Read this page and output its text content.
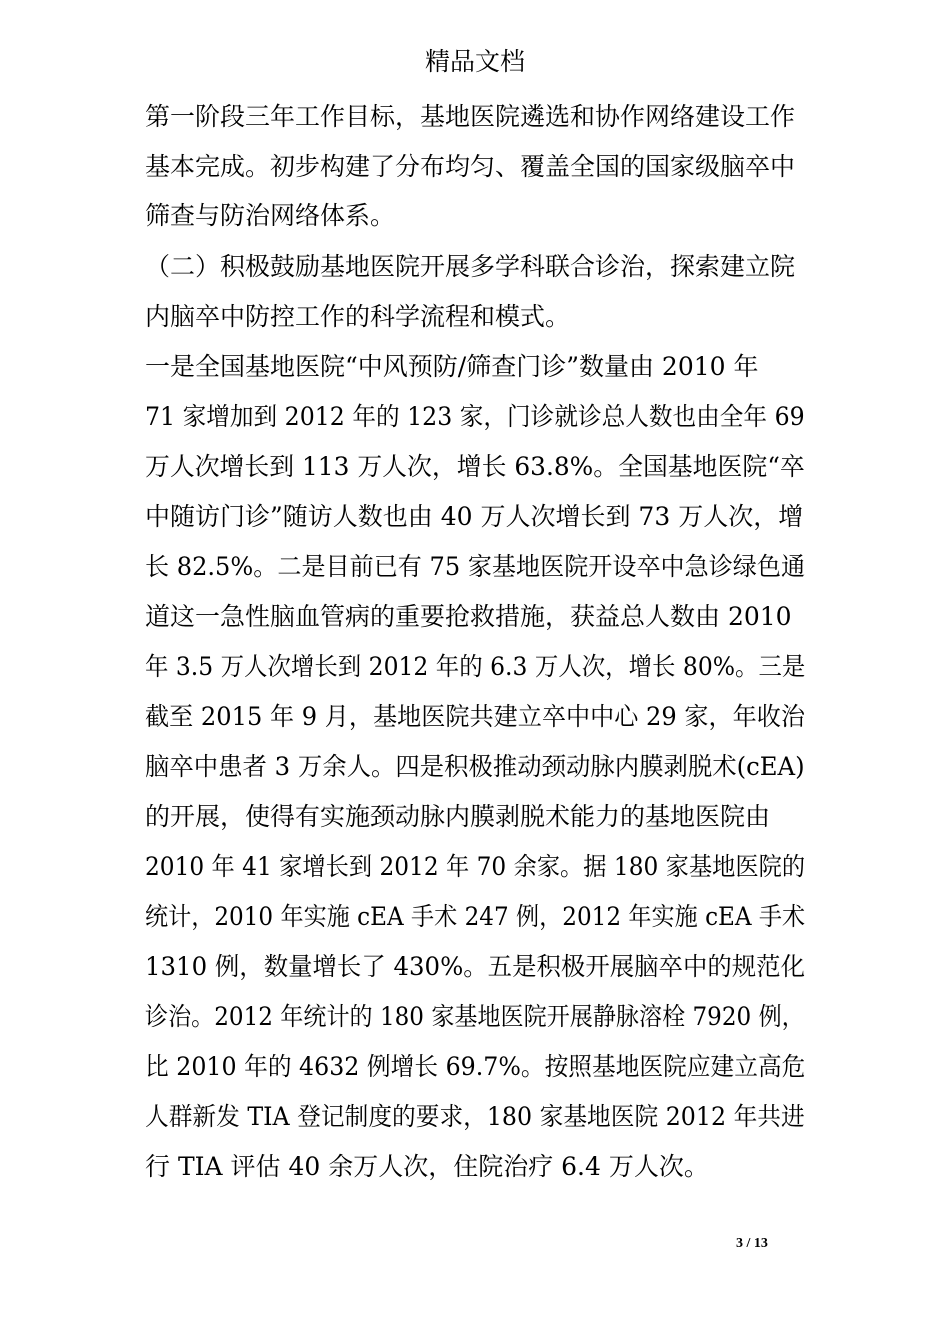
精品文档
第一阶段三年工作目标，基地医院遴选和协作网络建设工作
基本完成。初步构建了分布均匀、覆盖全国的国家级脑卒中
筛查与防治网络体系。
（二）积极鼓励基地医院开展多学科联合诊治，探索建立院
内脑卒中防控工作的科学流程和模式。
一是全国基地医院“中风预防/筛查门诊”数量由 2010 年
71 家增加到 2012 年的 123 家，门诊就诊总人数也由全年 69
万人次增长到 113 万人次，增长 63.8%。全国基地医院“卒
中随访门诊”随访人数也由 40 万人次增长到 73 万人次，增
长 82.5%。二是目前已有 75 家基地医院开设卒中急诊绿色通
道这一急性脑血管病的重要抢救措施，获益总人数由 2010
年 3.5 万人次增长到 2012 年的 6.3 万人次，增长 80%。三是
截至 2015 年 9 月，基地医院共建立卒中中心 29 家，年收治
脑卒中患者 3 万余人。四是积极推动颈动脉内膜剥脱术(cEA)
的开展，使得有实施颈动脉内膜剥脱术能力的基地医院由
2010 年 41 家增长到 2012 年 70 余家。据 180 家基地医院的
统计，2010 年实施 cEA 手术 247 例，2012 年实施 cEA 手术
1310 例，数量增长了 430%。五是积极开展脑卒中的规范化
诊治。2012 年统计的 180 家基地医院开展静脉溶栓 7920 例，
比 2010 年的 4632 例增长 69.7%。按照基地医院应建立高危
人群新发 TIA 登记制度的要求，180 家基地医院 2012 年共进
行 TIA 评估 40 余万人次，住院治疗 6.4 万人次。
3 / 13
